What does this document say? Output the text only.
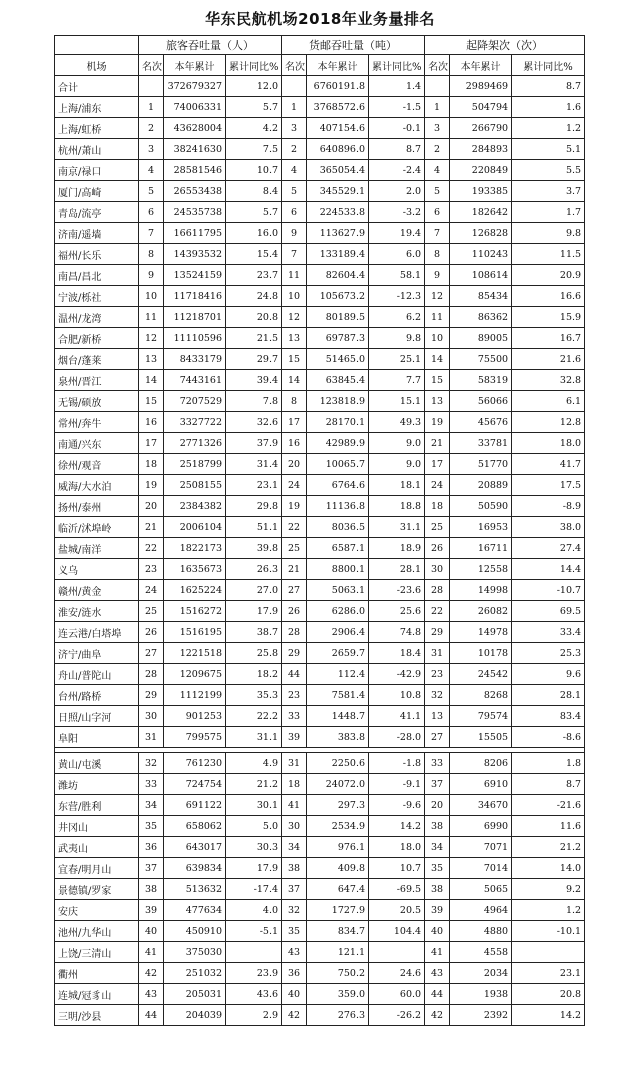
华东民航机场2018年业务量排名
	旅客吞吐量（人）			货邮吞吐量（吨）			起降架次（次）		
机场	名次	本年累计	累计同比%	名次	本年累计	累计同比%	名次	本年累计	累计同比%
合计		372679327	12.0		6760191.8	1.4		2989469	8.7
上海/浦东	1	74006331	5.7	1	3768572.6	-1.5	1	504794	1.6
上海/虹桥	2	43628004	4.2	3	407154.6	-0.1	3	266790	1.2
杭州/萧山	3	38241630	7.5	2	640896.0	8.7	2	284893	5.1
南京/禄口	4	28581546	10.7	4	365054.4	-2.4	4	220849	5.5
厦门/高崎	5	26553438	8.4	5	345529.1	2.0	5	193385	3.7
青岛/流亭	6	24535738	5.7	6	224533.8	-3.2	6	182642	1.7
济南/遥墙	7	16611795	16.0	9	113627.9	19.4	7	126828	9.8
福州/长乐	8	14393532	15.4	7	133189.4	6.0	8	110243	11.5
南昌/昌北	9	13524159	23.7	11	82604.4	58.1	9	108614	20.9
宁波/栎社	10	11718416	24.8	10	105673.2	-12.3	12	85434	16.6
温州/龙湾	11	11218701	20.8	12	80189.5	6.2	11	86362	15.9
合肥/新桥	12	11110596	21.5	13	69787.3	9.8	10	89005	16.7
烟台/蓬莱	13	8433179	29.7	15	51465.0	25.1	14	75500	21.6
泉州/晋江	14	7443161	39.4	14	63845.4	7.7	15	58319	32.8
无锡/硕放	15	7207529	7.8	8	123818.9	15.1	13	56066	6.1
常州/奔牛	16	3327722	32.6	17	28170.1	49.3	19	45676	12.8
南通/兴东	17	2771326	37.9	16	42989.9	9.0	21	33781	18.0
徐州/观音	18	2518799	31.4	20	10065.7	9.0	17	51770	41.7
威海/大水泊	19	2508155	23.1	24	6764.6	18.1	24	20889	17.5
扬州/泰州	20	2384382	29.8	19	11136.8	18.8	18	50590	-8.9
临沂/沭埠岭	21	2006104	51.1	22	8036.5	31.1	25	16953	38.0
盐城/南洋	22	1822173	39.8	25	6587.1	18.9	26	16711	27.4
义乌	23	1635673	26.3	21	8800.1	28.1	30	12558	14.4
赣州/黄金	24	1625224	27.0	27	5063.1	-23.6	28	14998	-10.7
淮安/涟水	25	1516272	17.9	26	6286.0	25.6	22	26082	69.5
连云港/白塔埠	26	1516195	38.7	28	2906.4	74.8	29	14978	33.4
济宁/曲阜	27	1221518	25.8	29	2659.7	18.4	31	10178	25.3
舟山/普陀山	28	1209675	18.2	44	112.4	-42.9	23	24542	9.6
台州/路桥	29	1112199	35.3	23	7581.4	10.8	32	8268	28.1
日照/山字河	30	901253	22.2	33	1448.7	41.1	13	79574	83.4
阜阳	31	799575	31.1	39	383.8	-28.0	27	15505	-8.6

黄山/屯溪	32	761230	4.9	31	2250.6	-1.8	33	8206	1.8
潍坊	33	724754	21.2	18	24072.0	-9.1	37	6910	8.7
东营/胜利	34	691122	30.1	41	297.3	-9.6	20	34670	-21.6
井冈山	35	658062	5.0	30	2534.9	14.2	38	6990	11.6
武夷山	36	643017	30.3	34	976.1	18.0	34	7071	21.2
宜春/明月山	37	639834	17.9	38	409.8	10.7	35	7014	14.0
景德镇/罗家	38	513632	-17.4	37	647.4	-69.5	38	5065	9.2
安庆	39	477634	4.0	32	1727.9	20.5	39	4964	1.2
池州/九华山	40	450910	-5.1	35	834.7	104.4	40	4880	-10.1
上饶/三清山	41	375030		43	121.1		41	4558	
衢州	42	251032	23.9	36	750.2	24.6	43	2034	23.1
连城/冠豸山	43	205031	43.6	40	359.0	60.0	44	1938	20.8
三明/沙县	44	204039	2.9	42	276.3	-26.2	42	2392	14.2
